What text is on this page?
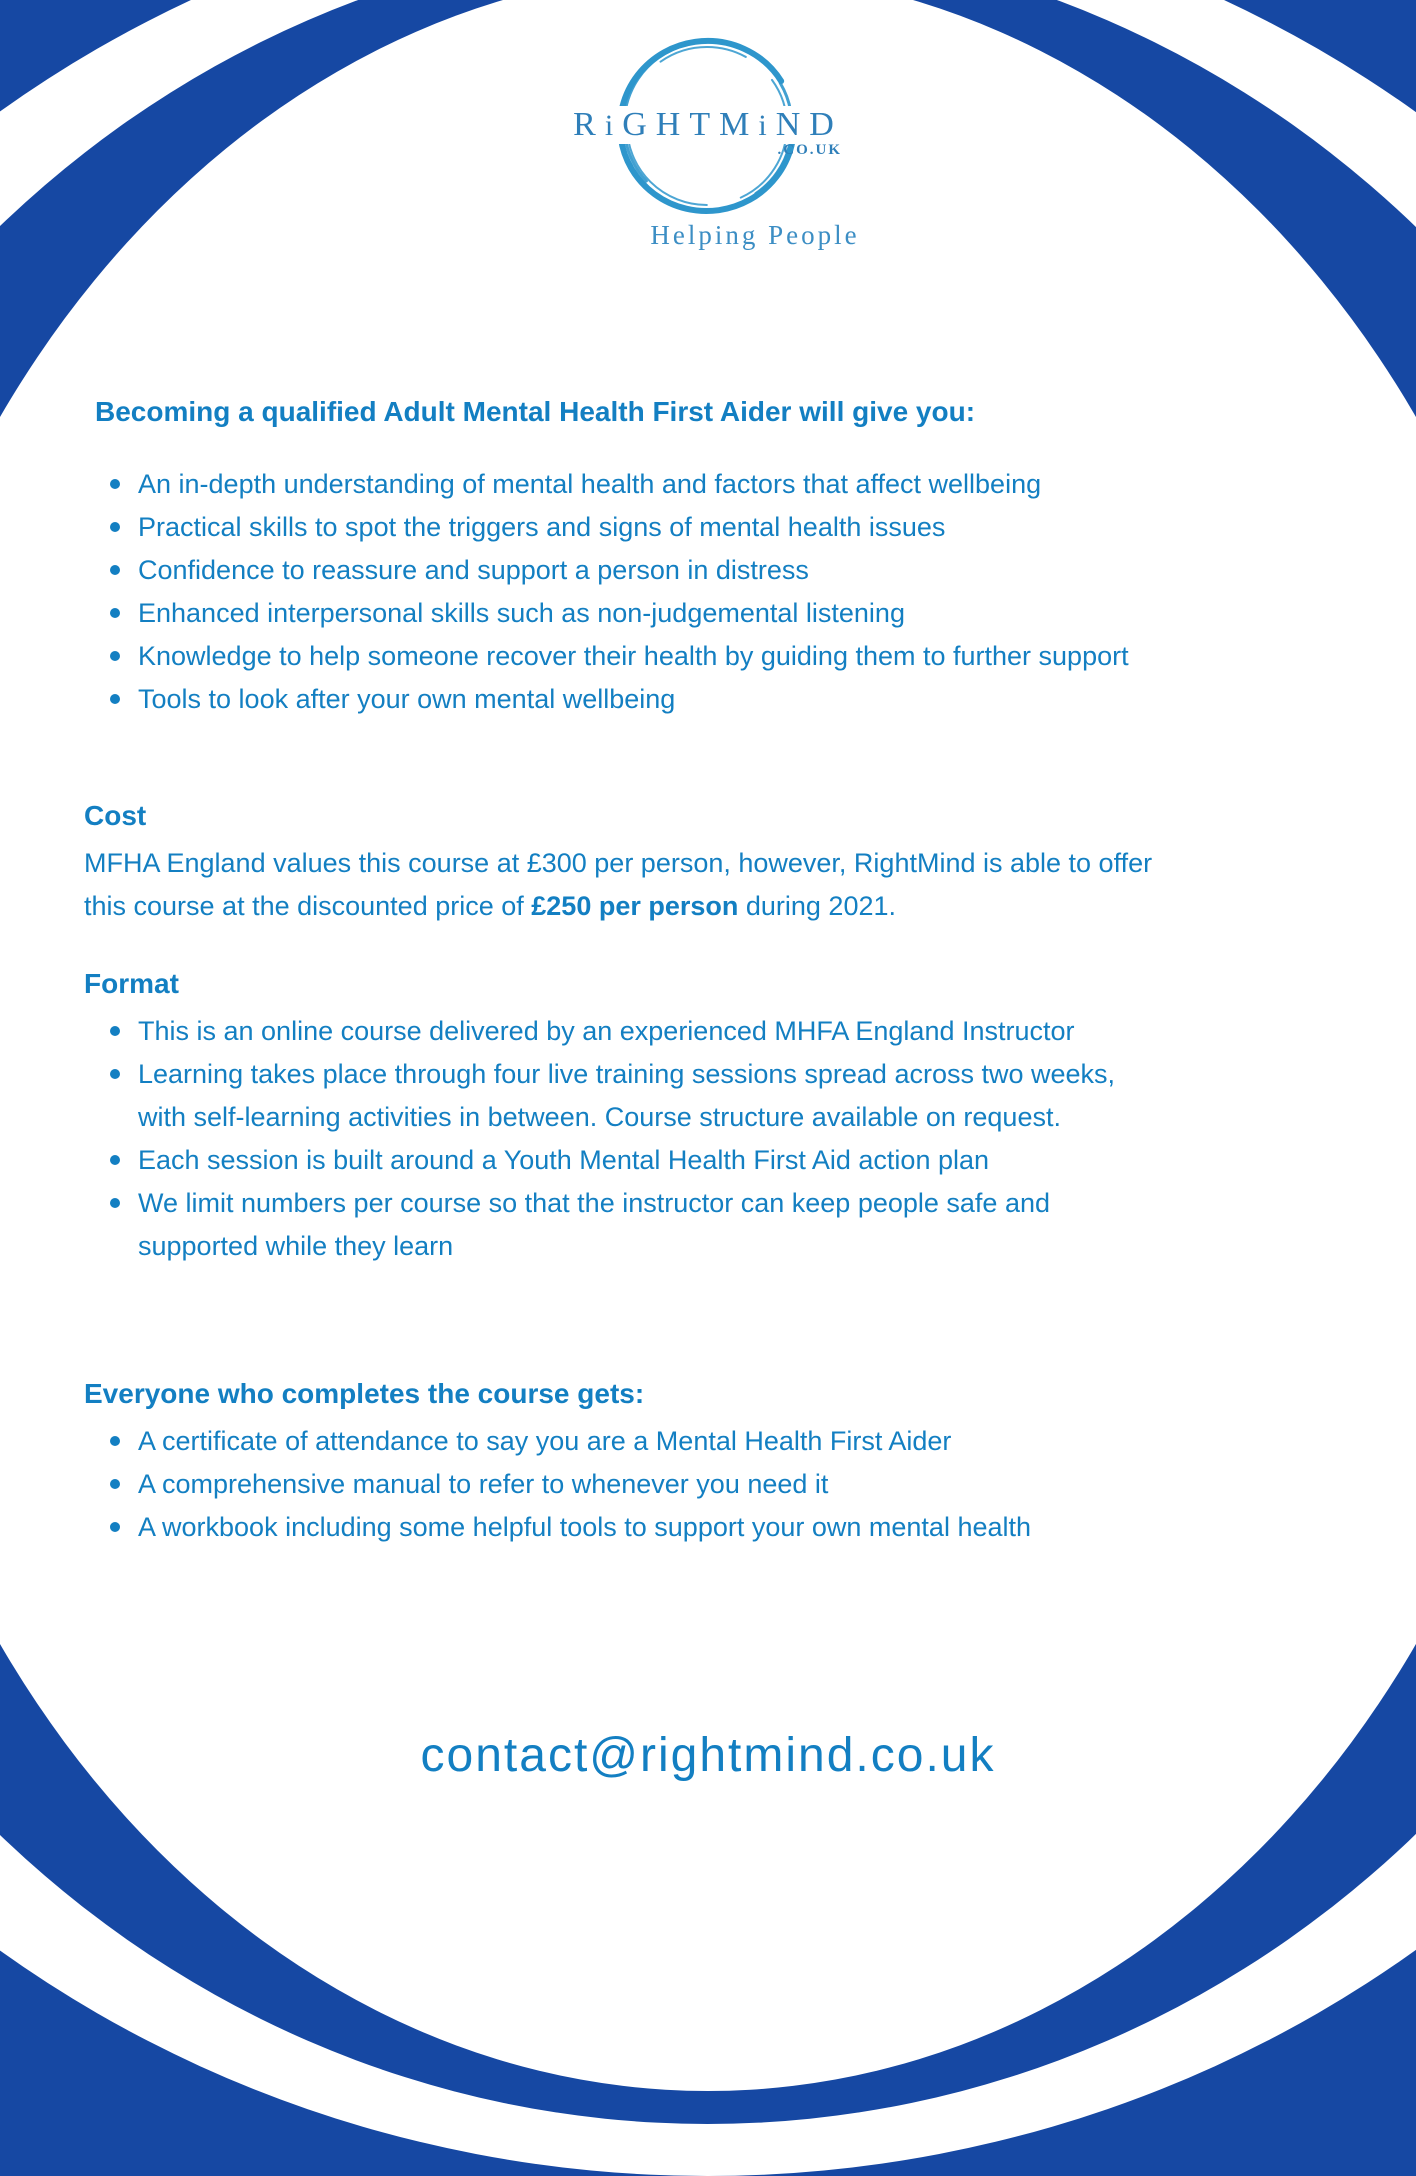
RiGHTMiND
.CO.UK
Helping People
Becoming a qualified Adult Mental Health First Aider will give you:
An in-depth understanding of mental health and factors that affect wellbeing
Practical skills to spot the triggers and signs of mental health issues
Confidence to reassure and support a person in distress
Enhanced interpersonal skills such as non-judgemental listening
Knowledge to help someone recover their health by guiding them to further support
Tools to look after your own mental wellbeing
Cost
MFHA England values this course at £300 per person, however, RightMind is able to offer this course at the discounted price of £250 per person during 2021.
Format
This is an online course delivered by an experienced MHFA England Instructor
Learning takes place through four live training sessions spread across two weeks, with self-learning activities in between. Course structure available on request.
Each session is built around a Youth Mental Health First Aid action plan
We limit numbers per course so that the instructor can keep people safe and supported while they learn
Everyone who completes the course gets:
A certificate of attendance to say you are a Mental Health First Aider
A comprehensive manual to refer to whenever you need it
A workbook including some helpful tools to support your own mental health
contact@rightmind.co.uk
